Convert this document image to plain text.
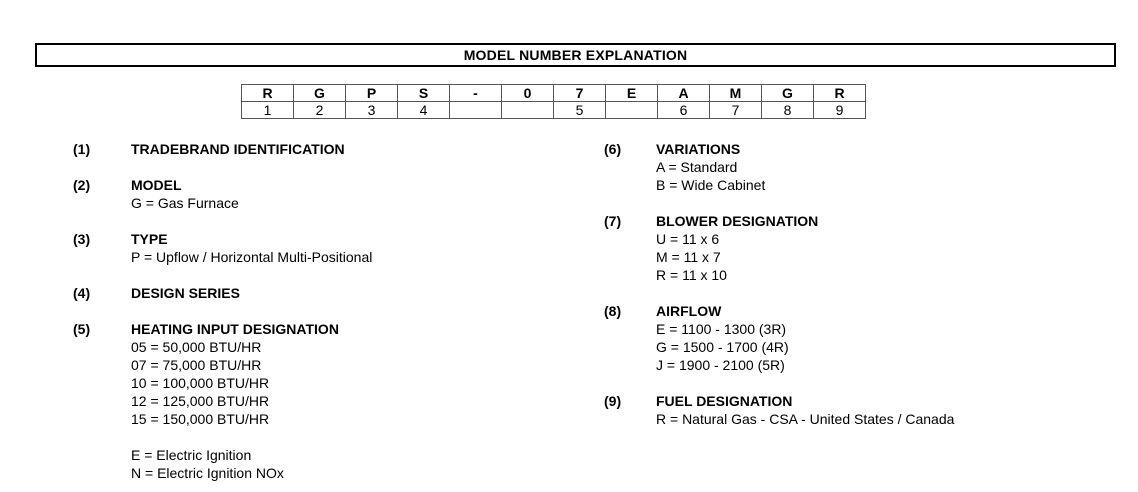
MODEL NUMBER EXPLANATION
R	G	P	S	-	0	7	E	A	M	G	R
1	2	3	4			5		6	7	8	9
(1)	TRADEBRAND IDENTIFICATION
(2)	MODEL
G = Gas Furnace
(3)	TYPE
P = Upflow / Horizontal Multi-Positional
(4)	DESIGN SERIES
(5)	HEATING INPUT DESIGNATION
05 = 50,000 BTU/HR
07 = 75,000 BTU/HR
10 = 100,000 BTU/HR
12 = 125,000 BTU/HR
15 = 150,000 BTU/HR
E = Electric Ignition
N = Electric Ignition NOx
(6) VARIATIONS
A = Standard
B = Wide Cabinet
(7) BLOWER DESIGNATION
U = 11 x 6
M = 11 x 7
R = 11 x 10
(8) AIRFLOW
E = 1100 - 1300 (3R)
G = 1500 - 1700 (4R)
J = 1900 - 2100 (5R)
(9) FUEL DESIGNATION
R = Natural Gas - CSA - United States / Canada
